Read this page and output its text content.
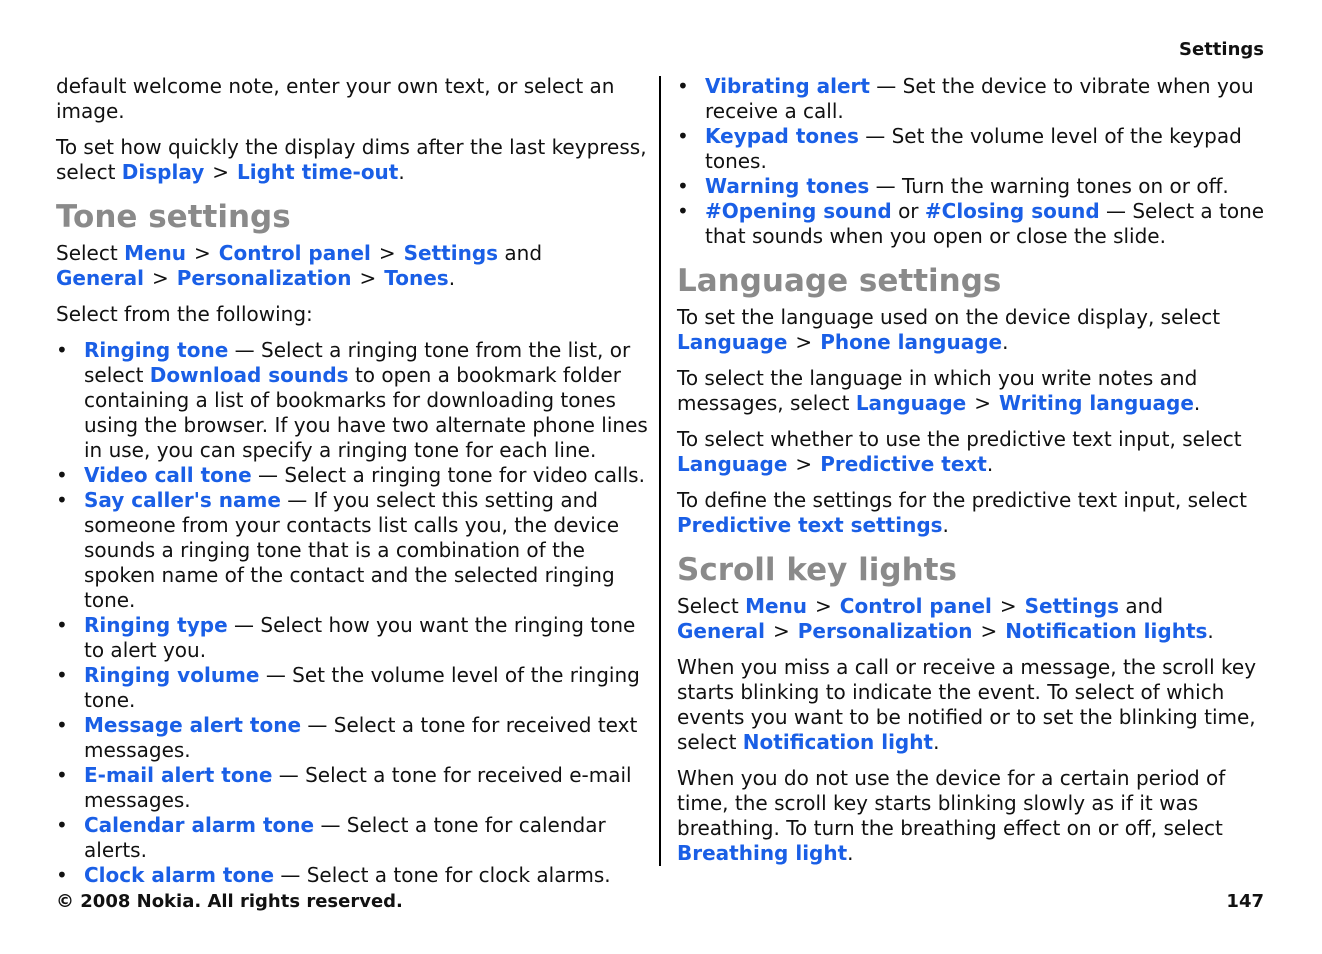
Settings

default welcome note, enter your own text, or select an image.

To set how quickly the display dims after the last keypress, select Display > Light time-out.

Tone settings

Select Menu > Control panel > Settings and General > Personalization > Tones.

Select from the following:

• Ringing tone — Select a ringing tone from the list, or select Download sounds to open a bookmark folder containing a list of bookmarks for downloading tones using the browser. If you have two alternate phone lines in use, you can specify a ringing tone for each line.
• Video call tone — Select a ringing tone for video calls.
• Say caller's name — If you select this setting and someone from your contacts list calls you, the device sounds a ringing tone that is a combination of the spoken name of the contact and the selected ringing tone.
• Ringing type — Select how you want the ringing tone to alert you.
• Ringing volume — Set the volume level of the ringing tone.
• Message alert tone — Select a tone for received text messages.
• E-mail alert tone — Select a tone for received e-mail messages.
• Calendar alarm tone — Select a tone for calendar alerts.
• Clock alarm tone — Select a tone for clock alarms.
• Vibrating alert — Set the device to vibrate when you receive a call.
• Keypad tones — Set the volume level of the keypad tones.
• Warning tones — Turn the warning tones on or off.
• #Opening sound or #Closing sound — Select a tone that sounds when you open or close the slide.
Language settings

To set the language used on the device display, select Language > Phone language.

To select the language in which you write notes and messages, select Language > Writing language.

To select whether to use the predictive text input, select Language > Predictive text.

To define the settings for the predictive text input, select Predictive text settings.

Scroll key lights

Select Menu > Control panel > Settings and General > Personalization > Notification lights.

When you miss a call or receive a message, the scroll key starts blinking to indicate the event. To select of which events you want to be notified or to set the blinking time, select Notification light.

When you do not use the device for a certain period of time, the scroll key starts blinking slowly as if it was breathing. To turn the breathing effect on or off, select Breathing light.

© 2008 Nokia. All rights reserved.	147
